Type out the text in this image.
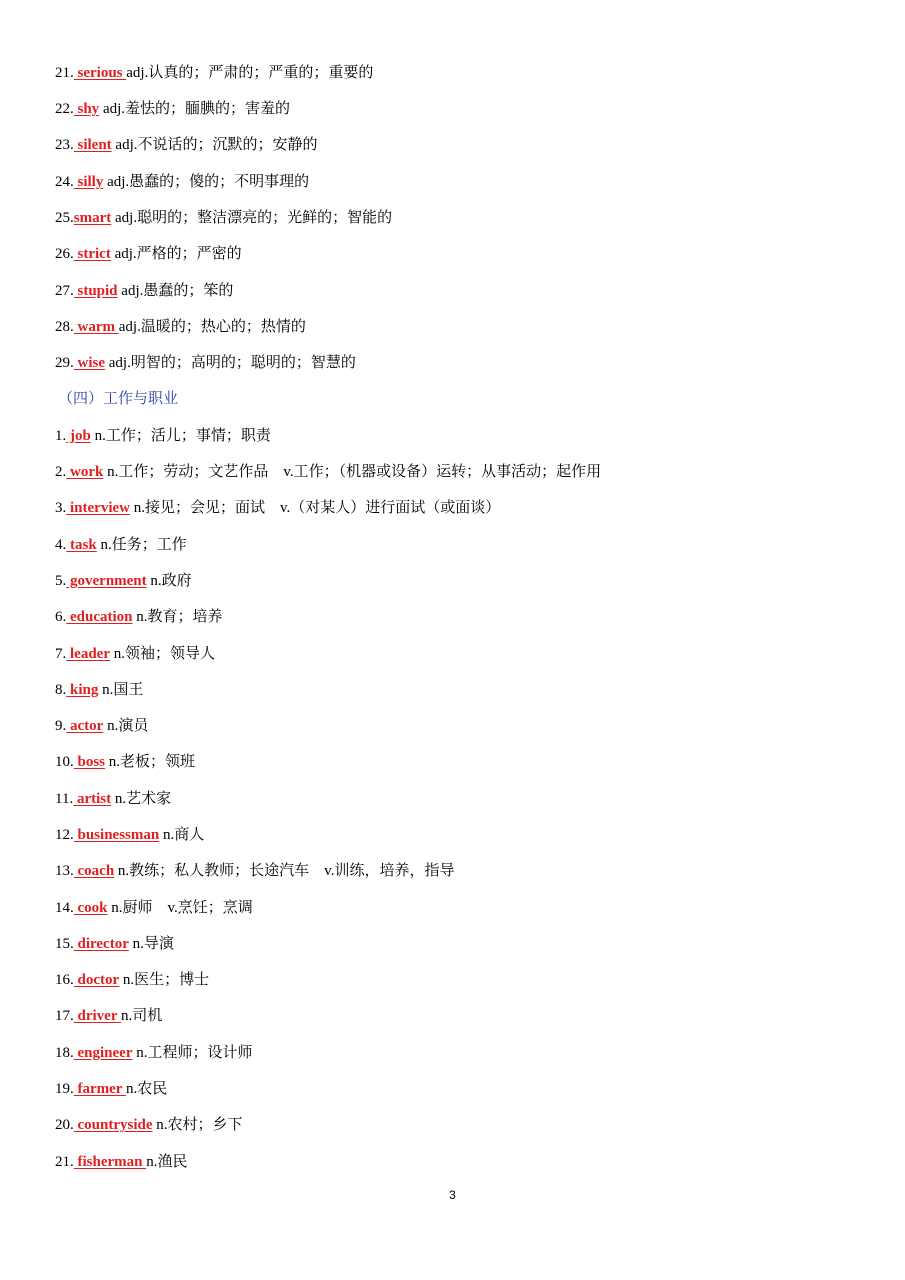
21. serious adj.认真的；严肃的；严重的；重要的
22. shy adj.羞怯的；腼腆的；害羞的
23. silent adj.不说话的；沉默的；安静的
24. silly adj.愚蠢的；傻的；不明事理的
25.smart adj.聪明的；整洁漂亮的；光鲜的；智能的
26. strict adj.严格的；严密的
27. stupid adj.愚蠢的；笨的
28. warm adj.温暖的；热心的；热情的
29. wise adj.明智的；高明的；聪明的；智慧的
（四）工作与职业
1. job n.工作；活儿；事情；职责
2. work n.工作；劳动；文艺作品　v.工作；（机器或设备）运转；从事活动；起作用
3. interview n.接见；会见；面试　v.（对某人）进行面试（或面谈）
4. task n.任务；工作
5. government n.政府
6. education n.教育；培养
7. leader n.领袖；领导人
8. king n.国王
9. actor n.演员
10. boss n.老板；领班
11. artist n.艺术家
12. businessman n.商人
13. coach n.教练；私人教师；长途汽车　v.训练，培养，指导
14. cook n.厨师　v.烹饪；烹调
15. director n.导演
16. doctor n.医生；博士
17. driver n.司机
18. engineer n.工程师；设计师
19. farmer n.农民
20. countryside n.农村；乡下
21. fisherman n.渔民
3
